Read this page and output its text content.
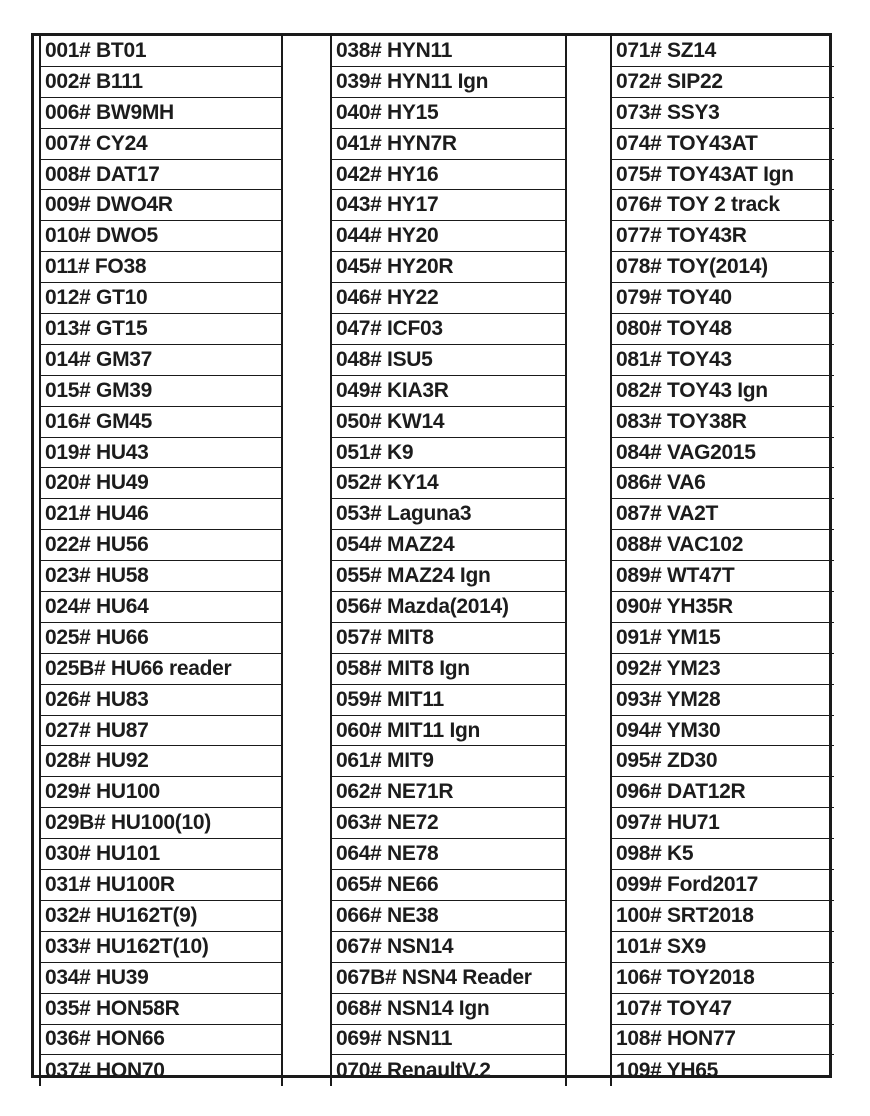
001# BT01
002# B111
006# BW9MH
007# CY24
008# DAT17
009# DWO4R
010# DWO5
011# FO38
012# GT10
013# GT15
014# GM37
015# GM39
016# GM45
019# HU43
020# HU49
021# HU46
022# HU56
023# HU58
024# HU64
025# HU66
025B# HU66 reader
026# HU83
027# HU87
028# HU92
029# HU100
029B# HU100(10)
030# HU101
031# HU100R
032# HU162T(9)
033# HU162T(10)
034# HU39
035# HON58R
036# HON66
037# HON70
038# HYN11
039# HYN11 Ign
040# HY15
041# HYN7R
042# HY16
043# HY17
044# HY20
045# HY20R
046# HY22
047# ICF03
048# ISU5
049# KIA3R
050# KW14
051# K9
052# KY14
053# Laguna3
054# MAZ24
055# MAZ24 Ign
056# Mazda(2014)
057# MIT8
058# MIT8 Ign
059# MIT11
060# MIT11 Ign
061# MIT9
062# NE71R
063# NE72
064# NE78
065# NE66
066# NE38
067# NSN14
067B# NSN4 Reader
068# NSN14 Ign
069# NSN11
070# RenaultV.2
071# SZ14
072# SIP22
073# SSY3
074# TOY43AT
075# TOY43AT Ign
076# TOY 2 track
077# TOY43R
078# TOY(2014)
079# TOY40
080# TOY48
081# TOY43
082# TOY43 Ign
083# TOY38R
084# VAG2015
086# VA6
087# VA2T
088# VAC102
089# WT47T
090# YH35R
091# YM15
092# YM23
093# YM28
094# YM30
095# ZD30
096# DAT12R
097# HU71
098# K5
099# Ford2017
100# SRT2018
101# SX9
106# TOY2018
107# TOY47
108# HON77
109# YH65
